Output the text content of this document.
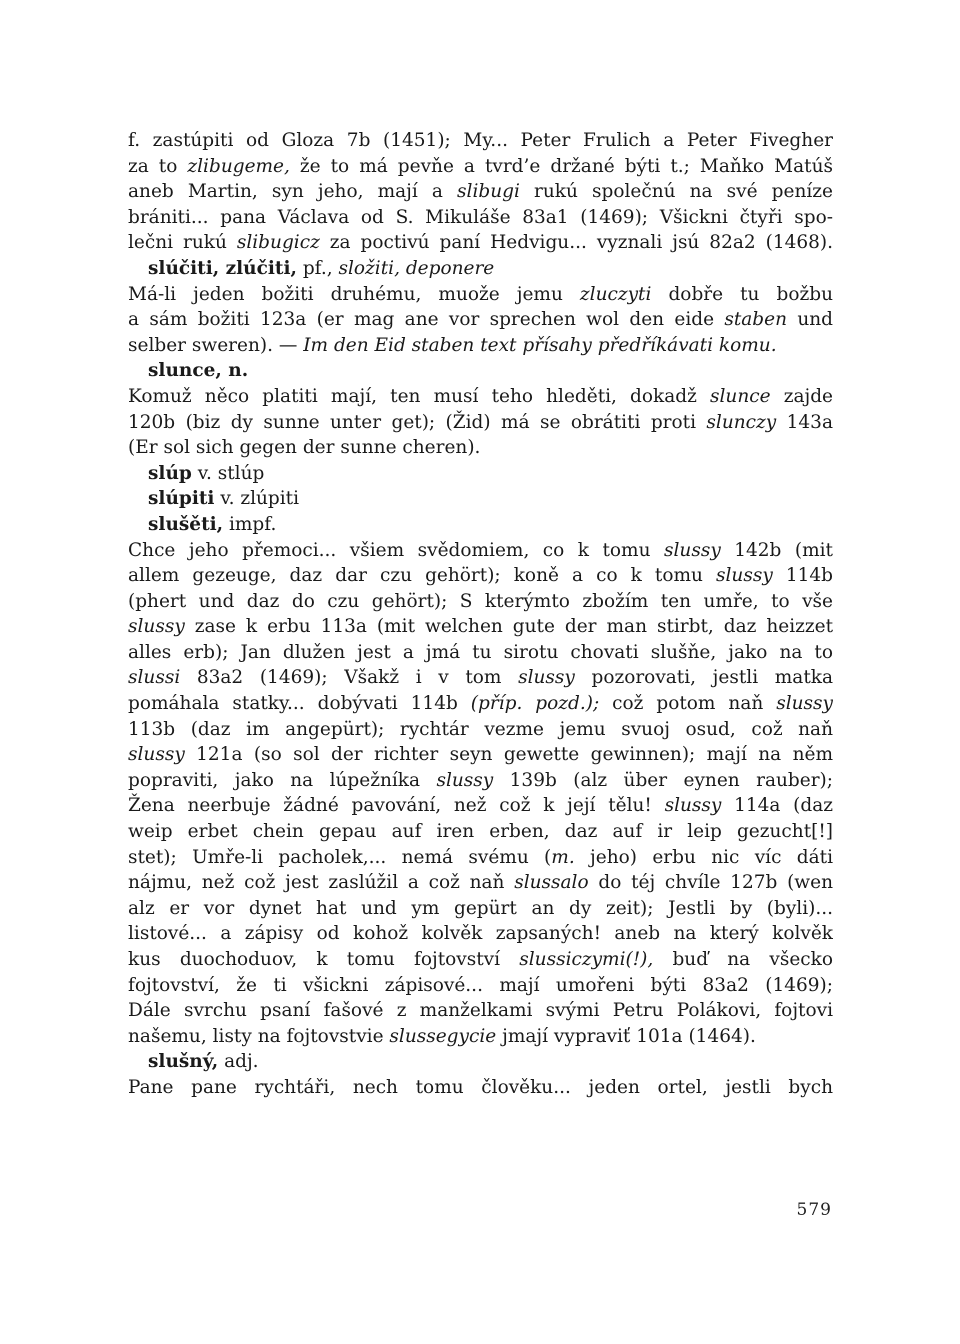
f. zastúpiti od Gloza 7b (1451); My... Peter Frulich a Peter Fivegher
za to zlibugeme, že to má pevňe a tvrd’e držané býti t.; Maňko Matúš
aneb Martin, syn jeho, mají a slibugi rukú společnú na své peníze
brániti... pana Václava od S. Mikuláše 83a1 (1469); Všickni čtyři spo-
lečni rukú slibugicz za poctivú paní Hedvigu... vyznali jsú 82a2 (1468).
slúčiti, zlúčiti, pf., složiti, deponere
Má-li jeden božiti druhému, muože jemu zluczyti dobře tu božbu
a sám božiti 123a (er mag ane vor sprechen wol den eide staben und
selber sweren). — Im den Eid staben text přísahy předříkávati komu.
slunce, n.
Komuž něco platiti mají, ten musí teho hleděti, dokadž slunce zajde
120b (biz dy sunne unter get); (Žid) má se obrátiti proti slunczy 143a
(Er sol sich gegen der sunne cheren).
slúp v. stlúp
slúpiti v. zlúpiti
slušěti, impf.
Chce jeho přemoci... všiem svědomiem, co k tomu slussy 142b (mit
allem gezeuge, daz dar czu gehört); koně a co k tomu slussy 114b
(phert und daz do czu gehört); S kterýmto zbožím ten umře, to vše
slussy zase k erbu 113a (mit welchen gute der man stirbt, daz heizzet
alles erb); Jan dlužen jest a jmá tu sirotu chovati slušňe, jako na to
slussi 83a2 (1469); Všakž i v tom slussy pozorovati, jestli matka
pomáhala statky... dobývati 114b (příp. pozd.); což potom naň slussy
113b (daz im angepürt); rychtár vezme jemu svuoj osud, což naň
slussy 121a (so sol der richter seyn gewette gewinnen); mají na něm
popraviti, jako na lúpežníka slussy 139b (alz über eynen rauber);
Žena neerbuje žádné pavování, než což k její tělu! slussy 114a (daz
weip erbet chein gepau auf iren erben, daz auf ir leip gezucht[!]
stet); Umře-li pacholek,... nemá svému (m. jeho) erbu nic víc dáti
nájmu, než což jest zaslúžil a což naň slussalo do téj chvíle 127b (wen
alz er vor dynet hat und ym gepürt an dy zeit); Jestli by (byli)...
listové... a zápisy od kohož kolvěk zapsaných! aneb na který kolvěk
kus duochoduov, k tomu fojtovství slussiczymi(!), buď na všecko
fojtovství, že ti všickni zápisové... mají umořeni býti 83a2 (1469);
Dále svrchu psaní fašové z manželkami svými Petru Polákovi, fojtovi
našemu, listy na fojtovstvie slussegycie jmají vypraviť 101a (1464).
slušný, adj.
Pane pane rychtáři, nech tomu člověku... jeden ortel, jestli bych
579
